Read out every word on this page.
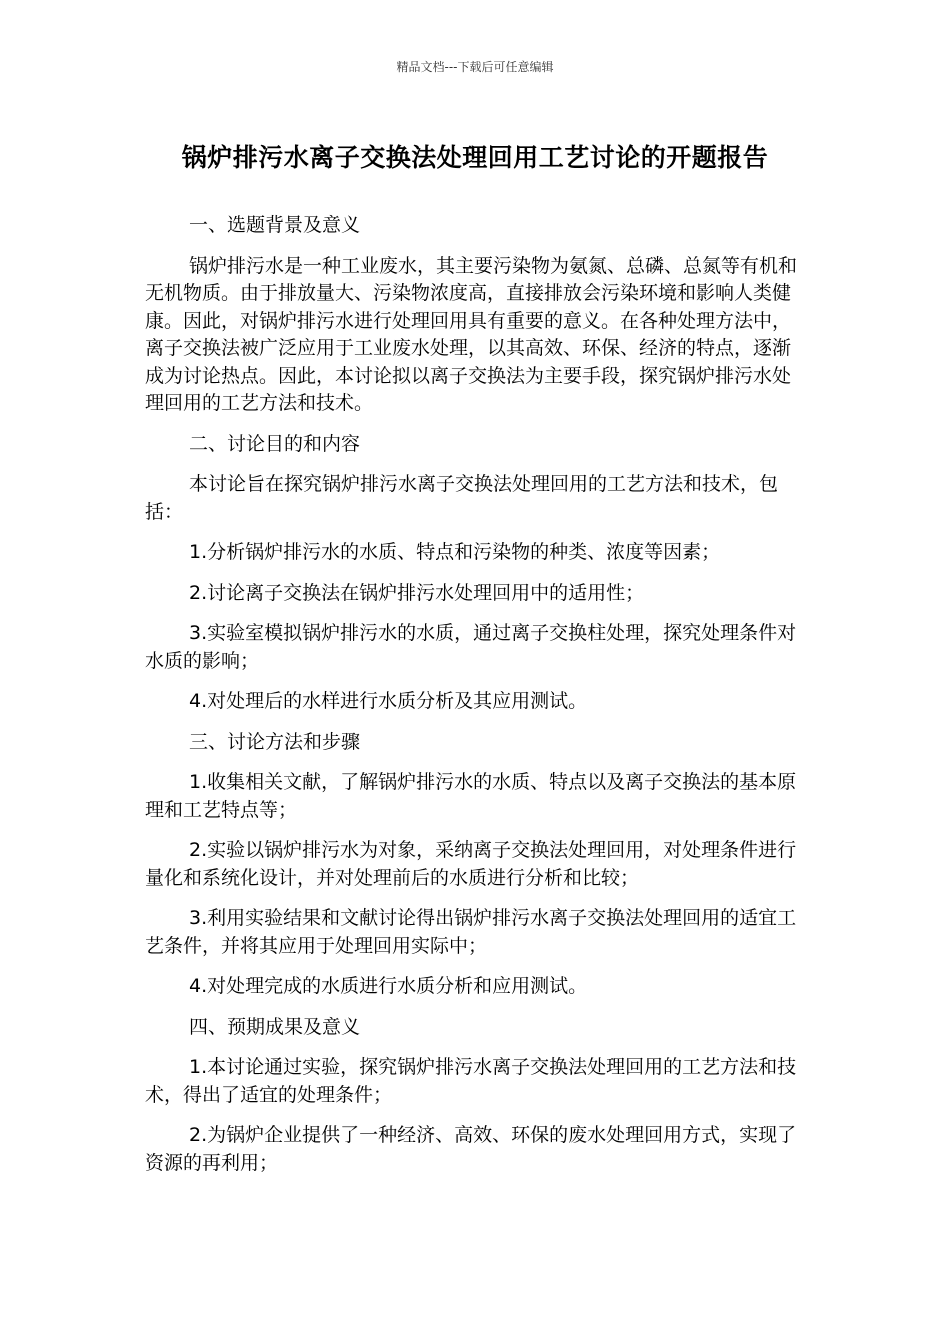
精品文档---下载后可任意编辑
锅炉排污水离子交换法处理回用工艺讨论的开题报告

一、选题背景及意义

锅炉排污水是一种工业废水，其主要污染物为氨氮、总磷、总氮等有机和无机物质。由于排放量大、污染物浓度高，直接排放会污染环境和影响人类健康。因此，对锅炉排污水进行处理回用具有重要的意义。在各种处理方法中，离子交换法被广泛应用于工业废水处理，以其高效、环保、经济的特点，逐渐成为讨论热点。因此，本讨论拟以离子交换法为主要手段，探究锅炉排污水处理回用的工艺方法和技术。

二、讨论目的和内容

本讨论旨在探究锅炉排污水离子交换法处理回用的工艺方法和技术，包括：

1.分析锅炉排污水的水质、特点和污染物的种类、浓度等因素；

2.讨论离子交换法在锅炉排污水处理回用中的适用性；

3.实验室模拟锅炉排污水的水质，通过离子交换柱处理，探究处理条件对水质的影响；

4.对处理后的水样进行水质分析及其应用测试。

三、讨论方法和步骤

1.收集相关文献，了解锅炉排污水的水质、特点以及离子交换法的基本原理和工艺特点等；

2.实验以锅炉排污水为对象，采纳离子交换法处理回用，对处理条件进行量化和系统化设计，并对处理前后的水质进行分析和比较；

3.利用实验结果和文献讨论得出锅炉排污水离子交换法处理回用的适宜工艺条件，并将其应用于处理回用实际中；

4.对处理完成的水质进行水质分析和应用测试。

四、预期成果及意义

1.本讨论通过实验，探究锅炉排污水离子交换法处理回用的工艺方法和技术，得出了适宜的处理条件；

2.为锅炉企业提供了一种经济、高效、环保的废水处理回用方式，实现了资源的再利用；
